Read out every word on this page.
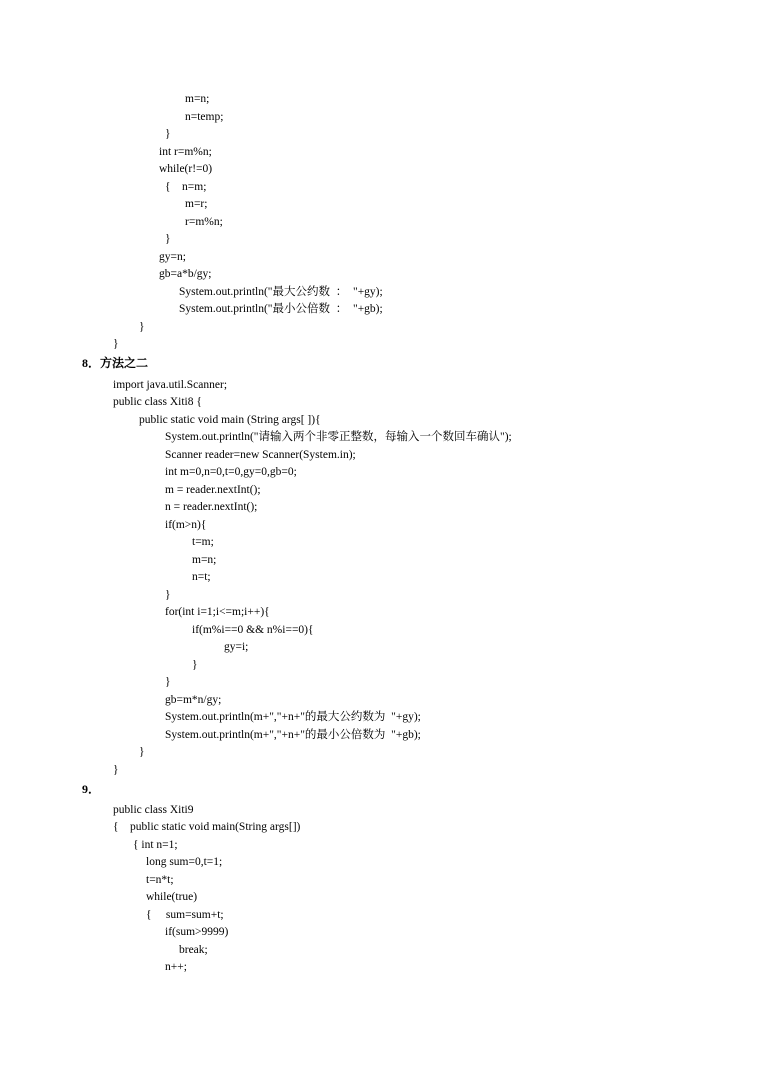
m=n;
n=temp;
}
int r=m%n;
while(r!=0)
{    n=m;
m=r;
r=m%n;
}
gy=n;
gb=a*b/gy;
System.out.println("最大公约数  ：  "+gy);
System.out.println("最小公倍数  ：  "+gb);
}
}
8．方法之二
import java.util.Scanner;
public class Xiti8 {
public static void main (String args[ ]){
System.out.println("请输入两个非零正整数，每输入一个数回车确认");
Scanner reader=new Scanner(System.in);
int m=0,n=0,t=0,gy=0,gb=0;
m = reader.nextInt();
n = reader.nextInt();
if(m>n){
t=m;
m=n;
n=t;
}
for(int i=1;i<=m;i++){
if(m%i==0 && n%i==0){
gy=i;
}
}
gb=m*n/gy;
System.out.println(m+","+n+"的最大公约数为  "+gy);
System.out.println(m+","+n+"的最小公倍数为  "+gb);
}
}
9．
public class Xiti9
{    public static void main(String args[])
{ int n=1;
long sum=0,t=1;
t=n*t;
while(true)
{     sum=sum+t;
if(sum>9999)
break;
n++;
